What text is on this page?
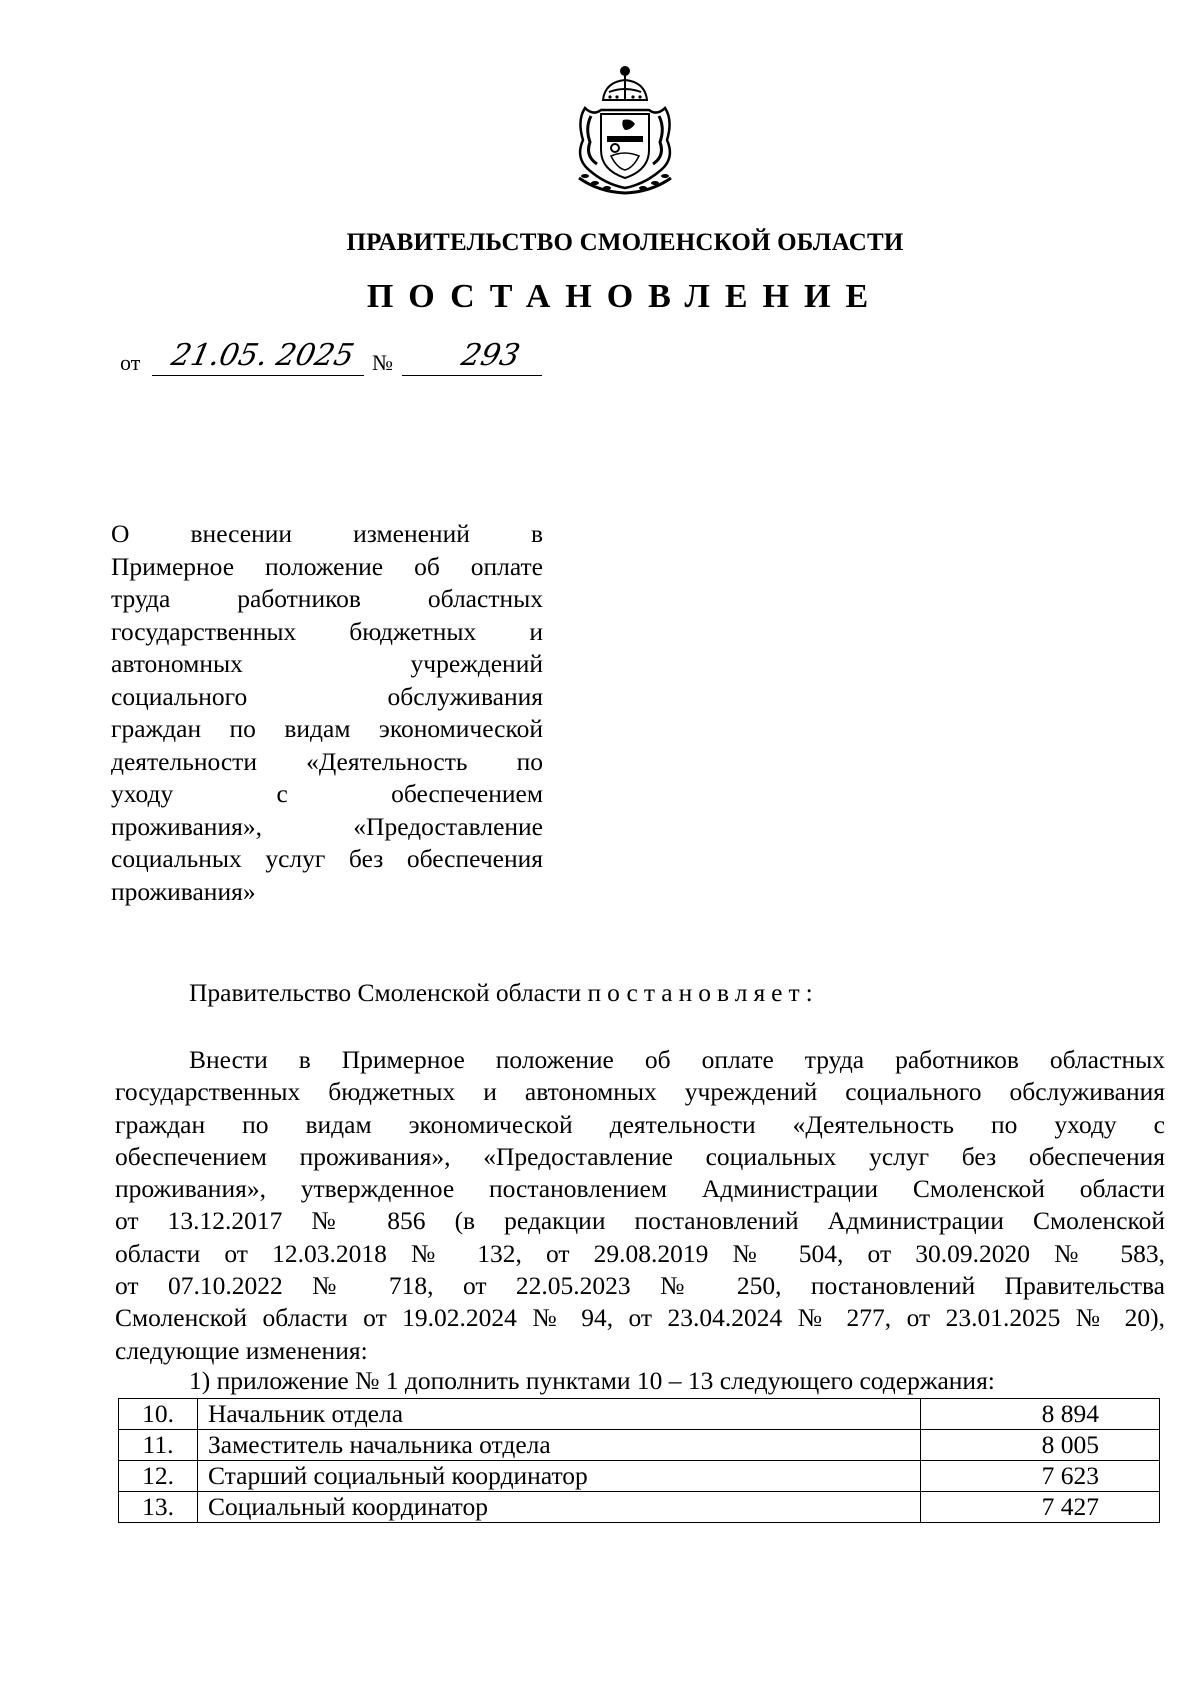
ПРАВИТЕЛЬСТВО СМОЛЕНСКОЙ ОБЛАСТИ
ПОСТАНОВЛЕНИЕ
от 21.05. 2025 № 293
О внесении изменений в
Примерное положение об оплате
труда работников областных
государственных бюджетных и
автономных учреждений
социального обслуживания
граждан по видам экономической
деятельности «Деятельность по
уходу с обеспечением
проживания», «Предоставление
социальных услуг без обеспечения
проживания»
Правительство Смоленской области постановляет:
Внести в Примерное положение об оплате труда работников областных
государственных бюджетных и автономных учреждений социального обслуживания
граждан по видам экономической деятельности «Деятельность по уходу с
обеспечением проживания», «Предоставление социальных услуг без обеспечения
проживания», утвержденное постановлением Администрации Смоленской области
от 13.12.2017 № 856 (в редакции постановлений Администрации Смоленской
области от 12.03.2018 № 132, от 29.08.2019 № 504, от 30.09.2020 № 583,
от 07.10.2022 № 718, от 22.05.2023 № 250, постановлений Правительства
Смоленской области от 19.02.2024 № 94, от 23.04.2024 № 277, от 23.01.2025 № 20),
следующие изменения:
1) приложение № 1 дополнить пунктами 10 – 13 следующего содержания:
10.	Начальник отдела	8 894
11.	Заместитель начальника отдела	8 005
12.	Старший социальный координатор	7 623
13.	Социальный координатор	7 427
